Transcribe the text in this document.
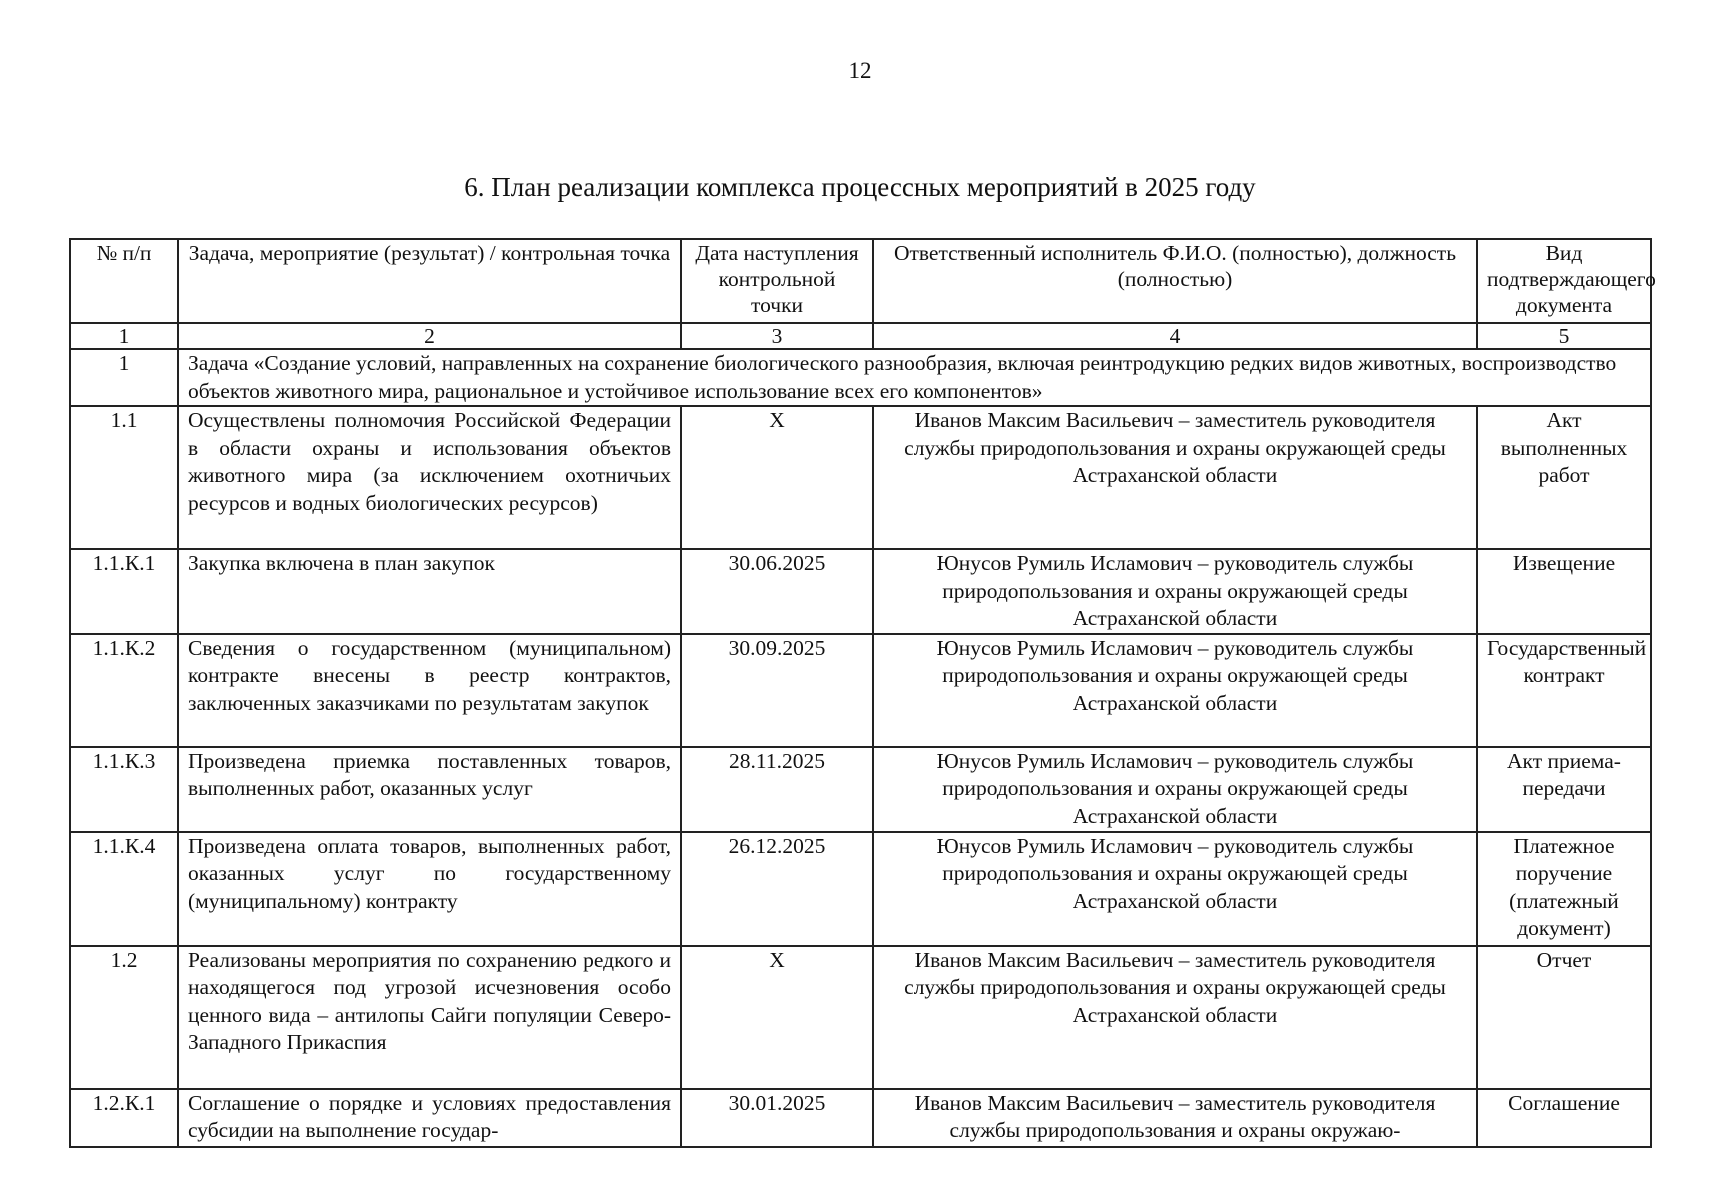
12
6. План реализации комплекса процессных мероприятий в 2025 году
№ п/п	Задача, мероприятие (результат) / контрольная точка	Дата наступления контрольной точки	Ответственный исполнитель Ф.И.О. (полностью), должность (полностью)	Вид подтверждающего документа
1	2	3	4	5
1	Задача «Создание условий, направленных на сохранение биологического разнообразия, включая реинтродукцию редких видов животных, воспроизводство объектов животного мира, рациональное и устойчивое использование всех его компонентов»			
1.1	Осуществлены полномочия Российской Федерации в области охраны и использования объектов животного мира (за исключением охотничьих ресурсов и водных биологических ресурсов)	Х	Иванов Максим Васильевич – заместитель руководителя службы природопользования и охраны окружающей среды Астраханской области	Акт выполненных работ
1.1.К.1	Закупка включена в план закупок	30.06.2025	Юнусов Румиль Исламович – руководитель службы природопользования и охраны окружающей среды Астраханской области	Извещение
1.1.К.2	Сведения о государственном (муниципальном) контракте внесены в реестр контрактов, заключенных заказчиками по результатам закупок	30.09.2025	Юнусов Румиль Исламович – руководитель службы природопользования и охраны окружающей среды Астраханской области	Государственный контракт
1.1.К.3	Произведена приемка поставленных товаров, выполненных работ, оказанных услуг	28.11.2025	Юнусов Румиль Исламович – руководитель службы природопользования и охраны окружающей среды Астраханской области	Акт приема-передачи
1.1.К.4	Произведена оплата товаров, выполненных работ, оказанных услуг по государственному (муниципальному) контракту	26.12.2025	Юнусов Румиль Исламович – руководитель службы природопользования и охраны окружающей среды Астраханской области	Платежное поручение (платежный документ)
1.2	Реализованы мероприятия по сохранению редкого и находящегося под угрозой исчезновения особо ценного вида – антилопы Сайги популяции Северо-Западного Прикаспия	Х	Иванов Максим Васильевич – заместитель руководителя службы природопользования и охраны окружающей среды Астраханской области	Отчет
1.2.К.1	Соглашение о порядке и условиях предоставления субсидии на выполнение государ-	30.01.2025	Иванов Максим Васильевич – заместитель руководителя службы природопользования и охраны окружаю-	Соглашение
